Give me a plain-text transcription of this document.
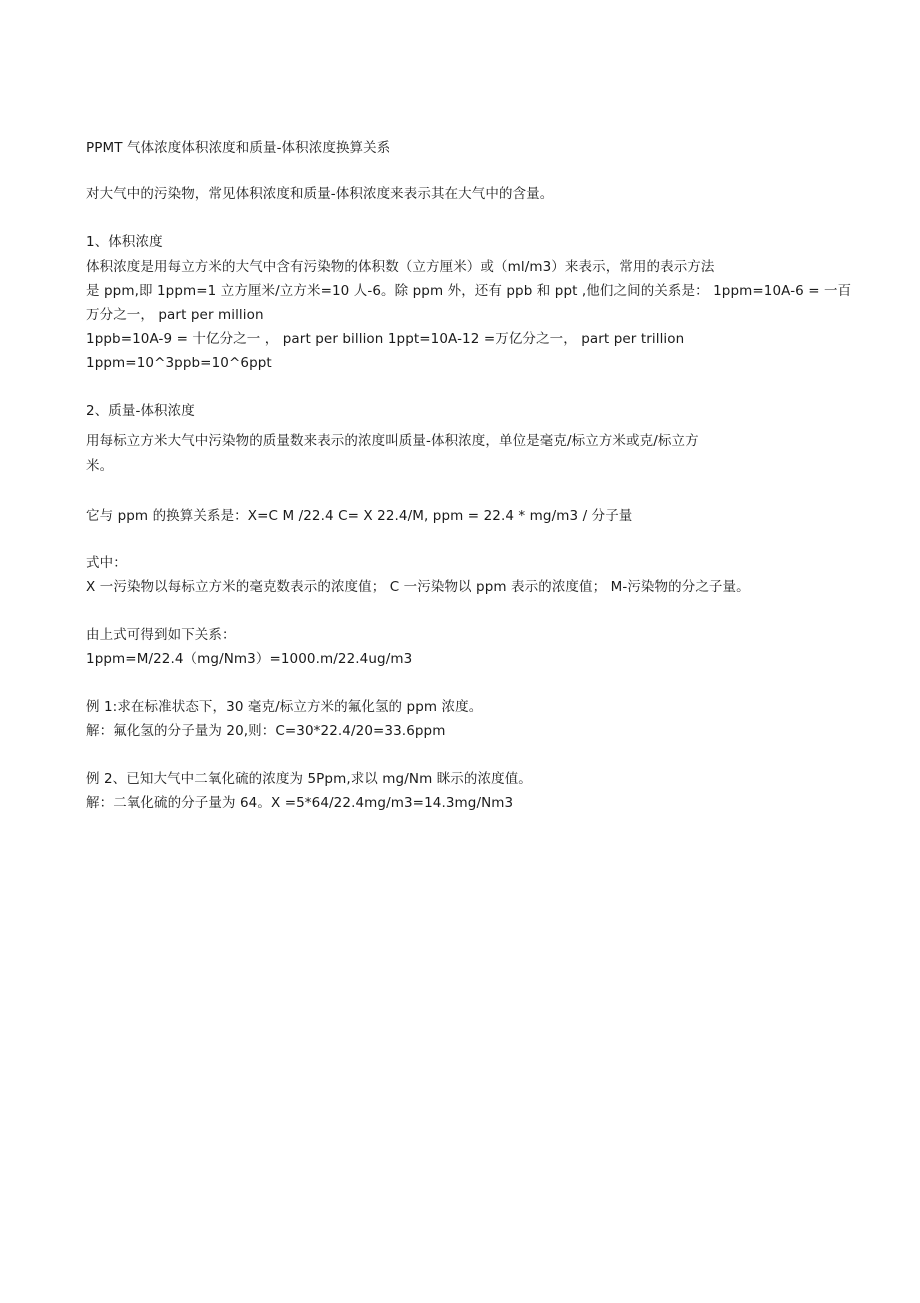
PPMT 气体浓度体积浓度和质量-体积浓度换算关系
对大气中的污染物，常见体积浓度和质量-体积浓度来表示其在大气中的含量。
1、体积浓度
体积浓度是用每立方米的大气中含有污染物的体积数（立方厘米）或（ml/m3）来表示，常用的表示方法
是 ppm,即 1ppm=1 立方厘米/立方米=10 人-6。除 ppm 外，还有 ppb 和 ppt ,他们之间的关系是： 1ppm=10A-6 = 一百
万分之一， part per million
1ppb=10A-9 = 十亿分之一 ， part per billion 1ppt=10A-12 =万亿分之一， part per trillion
1ppm=10^3ppb=10^6ppt
2、质量-体积浓度
用每标立方米大气中污染物的质量数来表示的浓度叫质量-体积浓度，单位是毫克/标立方米或克/标立方
米。
它与 ppm 的换算关系是：X=C M /22.4 C= X 22.4/M, ppm = 22.4 * mg/m3 / 分子量
式中：
X 一污染物以每标立方米的毫克数表示的浓度值； C 一污染物以 ppm 表示的浓度值； M-污染物的分之子量。
由上式可得到如下关系：
1ppm=M/22.4（mg/Nm3）=1000.m/22.4ug/m3
例 1:求在标准状态下，30 毫克/标立方米的氟化氢的 ppm 浓度。
解：氟化氢的分子量为 20,则：C=30*22.4/20=33.6ppm
例 2、已知大气中二氧化硫的浓度为 5Ppm,求以 mg/Nm 眯示的浓度值。
解：二氧化硫的分子量为 64。X =5*64/22.4mg/m3=14.3mg/Nm3
